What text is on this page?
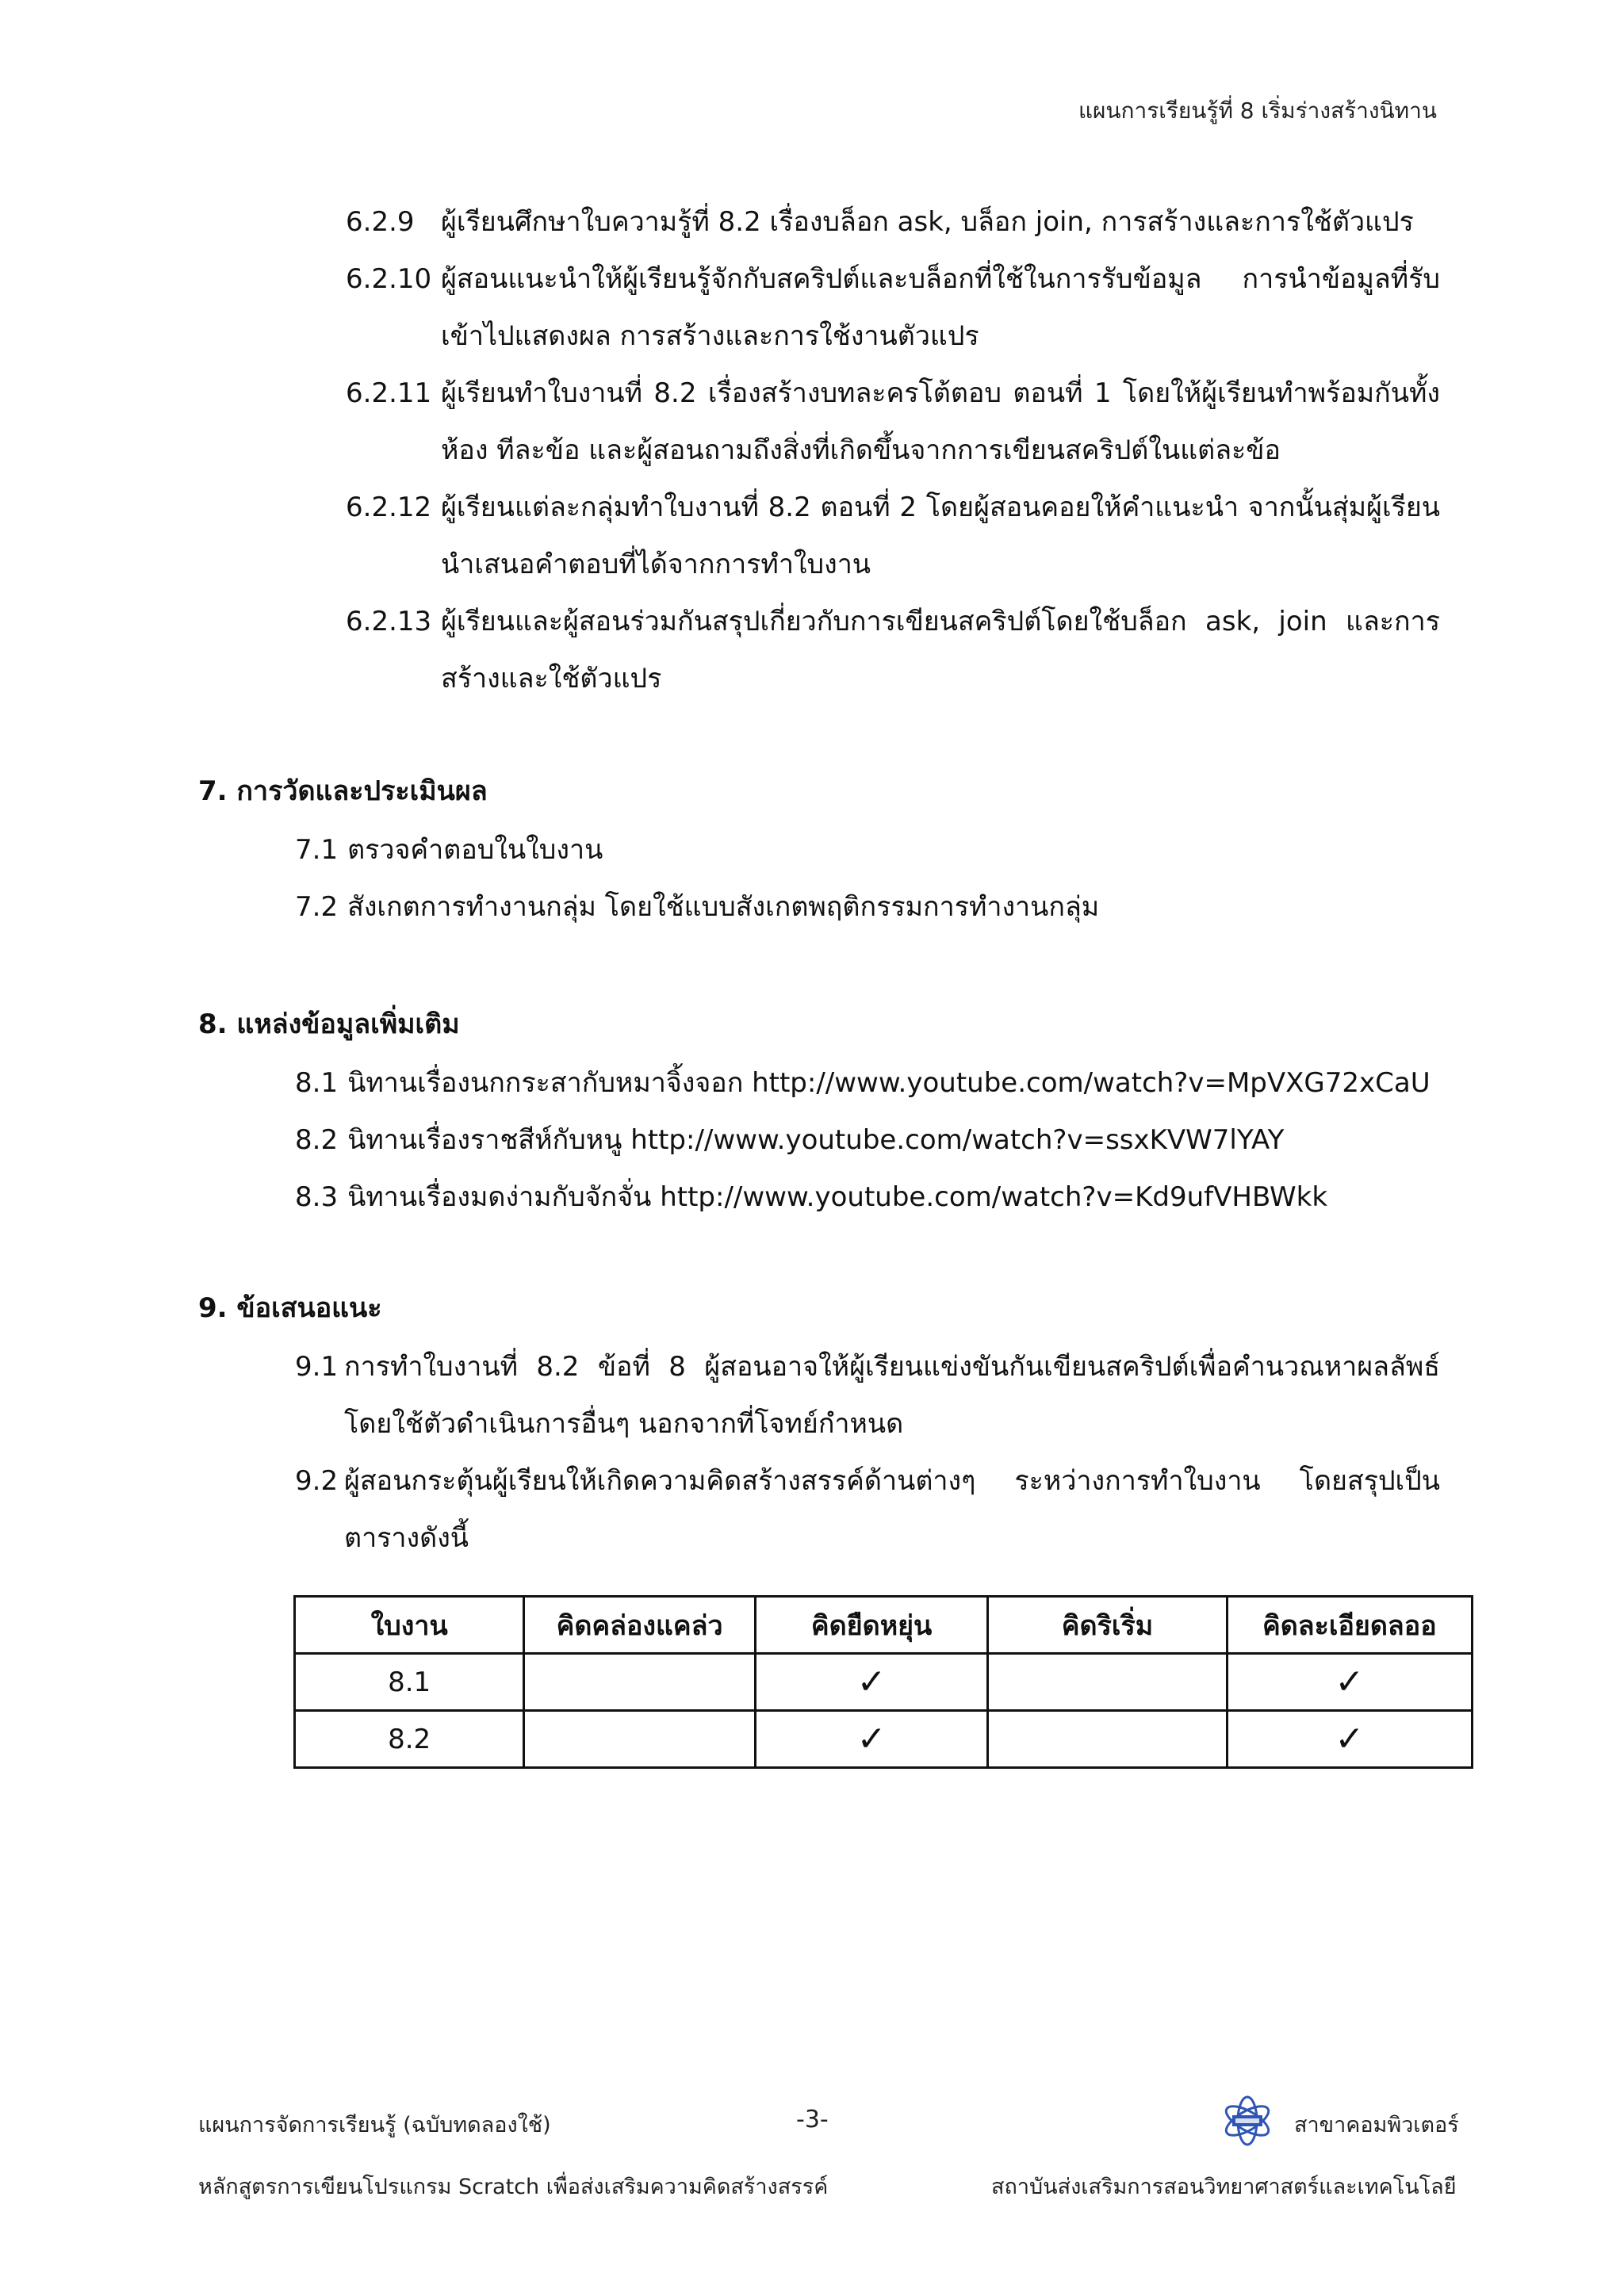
แผนการเรียนรู้ที่ 8 เริ่มร่างสร้างนิทาน
6.2.9 ผู้เรียนศึกษาใบความรู้ที่ 8.2 เรื่องบล็อก ask, บล็อก join, การสร้างและการใช้ตัวแปร
6.2.10 ผู้สอนแนะนำให้ผู้เรียนรู้จักกับสคริปต์และบล็อกที่ใช้ในการรับข้อมูล การนำข้อมูลที่รับเข้าไปแสดงผล การสร้างและการใช้งานตัวแปร
6.2.11 ผู้เรียนทำใบงานที่ 8.2 เรื่องสร้างบทละครโต้ตอบ ตอนที่ 1 โดยให้ผู้เรียนทำพร้อมกันทั้งห้อง ทีละข้อ และผู้สอนถามถึงสิ่งที่เกิดขึ้นจากการเขียนสคริปต์ในแต่ละข้อ
6.2.12 ผู้เรียนแต่ละกลุ่มทำใบงานที่ 8.2 ตอนที่ 2 โดยผู้สอนคอยให้คำแนะนำ จากนั้นสุ่มผู้เรียนนำเสนอคำตอบที่ได้จากการทำใบงาน
6.2.13 ผู้เรียนและผู้สอนร่วมกันสรุปเกี่ยวกับการเขียนสคริปต์โดยใช้บล็อก ask, join และการสร้างและใช้ตัวแปร
7. การวัดและประเมินผล
7.1 ตรวจคำตอบในใบงาน
7.2 สังเกตการทำงานกลุ่ม โดยใช้แบบสังเกตพฤติกรรมการทำงานกลุ่ม
8. แหล่งข้อมูลเพิ่มเติม
8.1 นิทานเรื่องนกกระสากับหมาจิ้งจอก http://www.youtube.com/watch?v=MpVXG72xCaU
8.2 นิทานเรื่องราชสีห์กับหนู http://www.youtube.com/watch?v=ssxKVW7lYAY
8.3 นิทานเรื่องมดง่ามกับจักจั่น http://www.youtube.com/watch?v=Kd9ufVHBWkk
9. ข้อเสนอแนะ
9.1 การทำใบงานที่ 8.2 ข้อที่ 8 ผู้สอนอาจให้ผู้เรียนแข่งขันกันเขียนสคริปต์เพื่อคำนวณหาผลลัพธ์โดยใช้ตัวดำเนินการอื่นๆ นอกจากที่โจทย์กำหนด
9.2 ผู้สอนกระตุ้นผู้เรียนให้เกิดความคิดสร้างสรรค์ด้านต่างๆ ระหว่างการทำใบงาน โดยสรุปเป็นตารางดังนี้
ใบงาน	คิดคล่องแคล่ว	คิดยืดหยุ่น	คิดริเริ่ม	คิดละเอียดลออ
8.1		✓		✓
8.2		✓		✓
แผนการจัดการเรียนรู้ (ฉบับทดลองใช้)	-3-	สาขาคอมพิวเตอร์
หลักสูตรการเขียนโปรแกรม Scratch เพื่อส่งเสริมความคิดสร้างสรรค์	สถาบันส่งเสริมการสอนวิทยาศาสตร์และเทคโนโลยี
